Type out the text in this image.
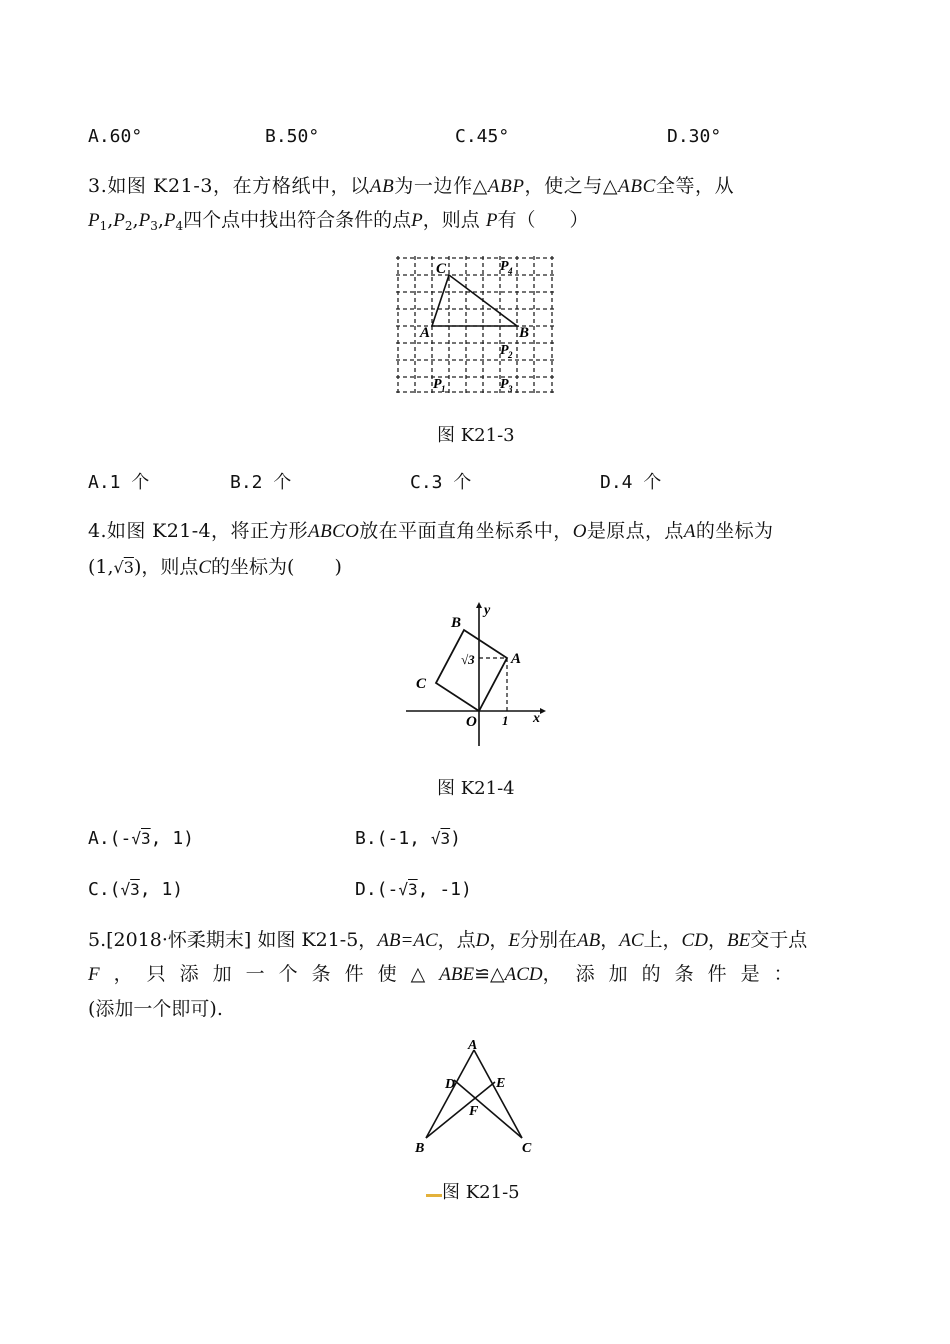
A.60°	B.50°	C.45°	D.30°
3.如图 K21-3，在方格纸中，以AB为一边作△ABP，使之与△ABC全等，从
$P_1,P_2,P_3,P_4$四个点中找出符合条件的点P，则点 P有（ ）
C
A	B
P 4
P 2
P 1	P 3
图 K21-3
A.1 个	B.2 个	C.3 个	D.4 个
4.如图 K21-4，将正方形ABCO放在平面直角坐标系中，O是原点，点A的坐标为
(1,√3)，则点C的坐标为( )
B
A
C
O	x
y
1
√3
图 K21-4
A.(-√3, 1)	B.(-1, √3)
C.(√3, 1)	D.(-√3, -1)
5.[2018·怀柔期末] 如图 K21-5，AB=AC，点D，E分别在AB，AC上，CD，BE交于点
F，只添加一个条件使△ABE≌△ACD，添加的条件是：
(添加一个即可).
A
B	C
D	E
F
图 K21-5
